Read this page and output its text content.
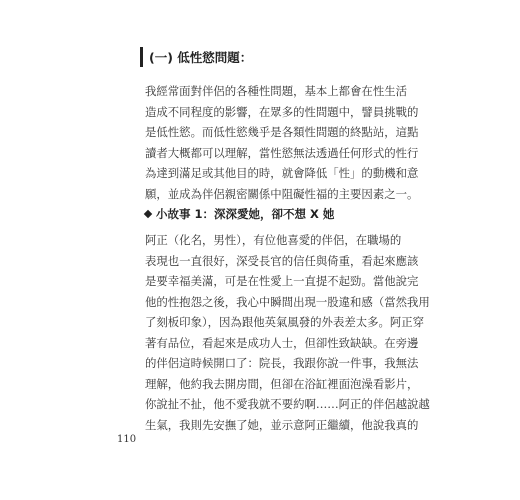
(一) 低性慾問題：
我經常面對伴侶的各種性問題，基本上都會在性生活
造成不同程度的影響，在眾多的性問題中，譬員挑戰的
是低性慾。而低性慾幾乎是各類性問題的終點站，這點
讀者大概都可以理解，當性慾無法透過任何形式的性行
為達到滿足或其他目的時，就會降低「性」的動機和意
願，並成為伴侶親密關係中阻礙性福的主要因素之一。
小故事 1：深深愛她，卻不想 X 她
阿正（化名，男性），有位他喜愛的伴侶，在職場的
表現也一直很好，深受長官的信任與倚重，看起來應該
是要幸福美滿，可是在性愛上一直提不起勁。當他說完
他的性抱怨之後，我心中瞬間出現一股違和感（當然我用
了刻板印象），因為跟他英氣風發的外表差太多。阿正穿
著有品位，看起來是成功人士，但卻性致缺缺。在旁邊
的伴侶這時候開口了：院長，我跟你說一件事，我無法
理解，他約我去開房間，但卻在浴缸裡面泡澡看影片，
你說扯不扯，他不愛我就不要約啊……阿正的伴侶越說越
生氣，我則先安撫了她，並示意阿正繼續，他說我真的
110
